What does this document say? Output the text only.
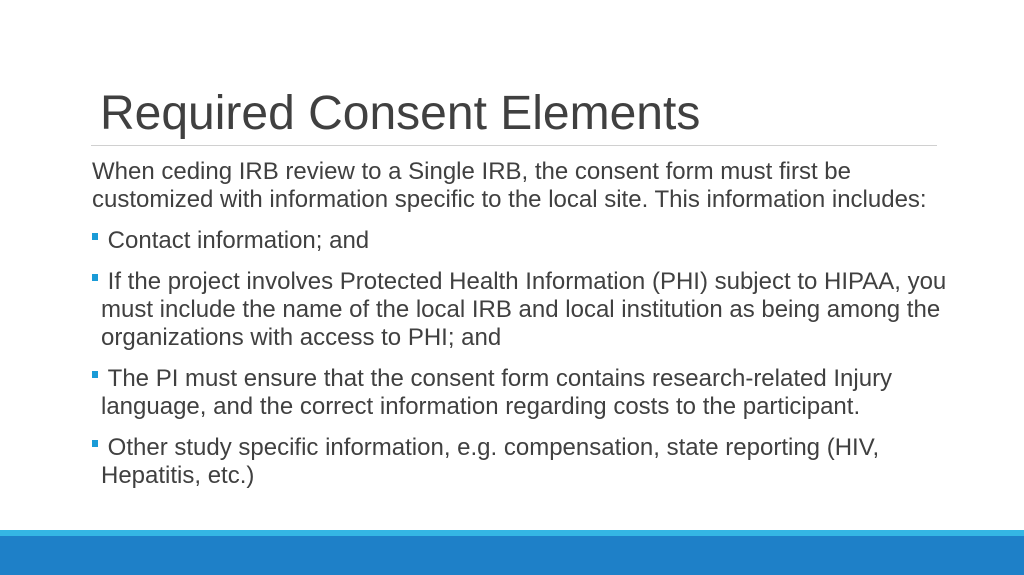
Required Consent Elements

When ceding IRB review to a Single IRB, the consent form must first be customized with information specific to the local site. This information includes:

Contact information; and
If the project involves Protected Health Information (PHI) subject to HIPAA, you must include the name of the local IRB and local institution as being among the organizations with access to PHI; and
The PI must ensure that the consent form contains research-related Injury language, and the correct information regarding costs to the participant.
Other study specific information, e.g. compensation, state reporting (HIV, Hepatitis, etc.)
